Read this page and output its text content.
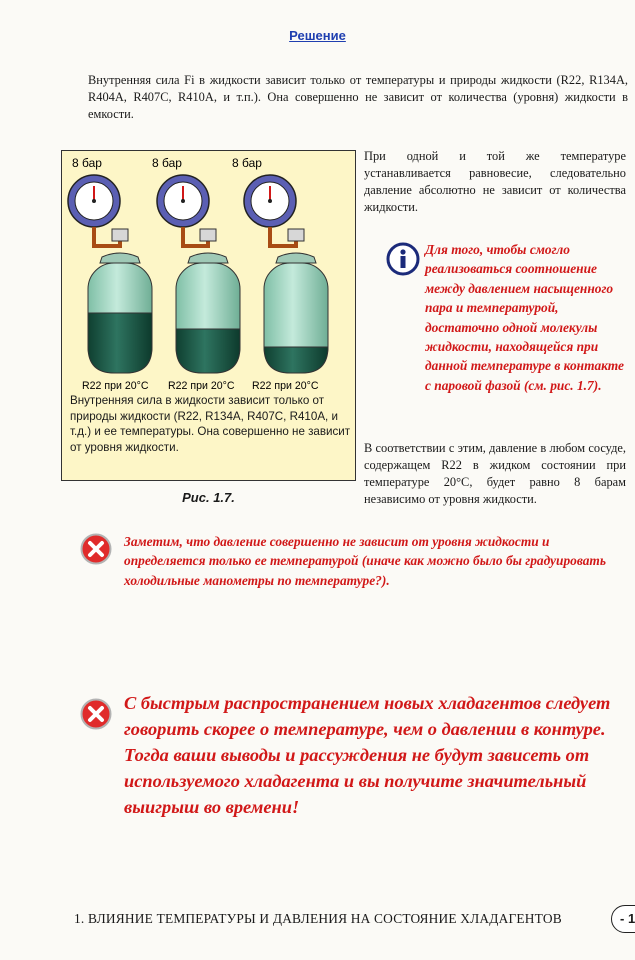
Решение

Внутренняя сила Fi в жидкости зависит только от температуры и природы жидкости (R22, R134A, R404A, R407C, R410A, и т.п.). Она совершенно не зависит от количества (уровня) жидкости в емкости.

8 бар	8 бар	8 бар
R22 при 20°C R22 при 20°C R22 при 20°C
Внутренняя сила в жидкости зависит только от природы жидкости (R22, R134A, R407C, R410A, и т.д.) и ее температуры. Она совершенно не зависит от уровня жидкости.
Рис. 1.7.

При одной и той же температуре устанавливается равновесие, следовательно давление абсолютно не зависит от количества жидкости.

Для того, чтобы смогло реализоваться соотношение между давлением насыщенного пара и температурой, достаточно одной молекулы жидкости, находящейся при данной температуре в контакте с паровой фазой (см. рис. 1.7).

В соответствии с этим, давление в любом сосуде, содержащем R22 в жидком состоянии при температуре 20°C, будет равно 8 барам независимо от уровня жидкости.

Заметим, что давление совершенно не зависит от уровня жидкости и определяется только ее температурой (иначе как можно было бы градуировать холодильные манометры по температуре?).

С быстрым распространением новых хладагентов следует говорить скорее о температуре, чем о давлении в контуре. Тогда ваши выводы и рассуждения не будут зависеть от используемого хладагента и вы получите значительный выигрыш во времени!

1. ВЛИЯНИЕ ТЕМПЕРАТУРЫ И ДАВЛЕНИЯ НА СОСТОЯНИЕ ХЛАДАГЕНТОВ	- 1
